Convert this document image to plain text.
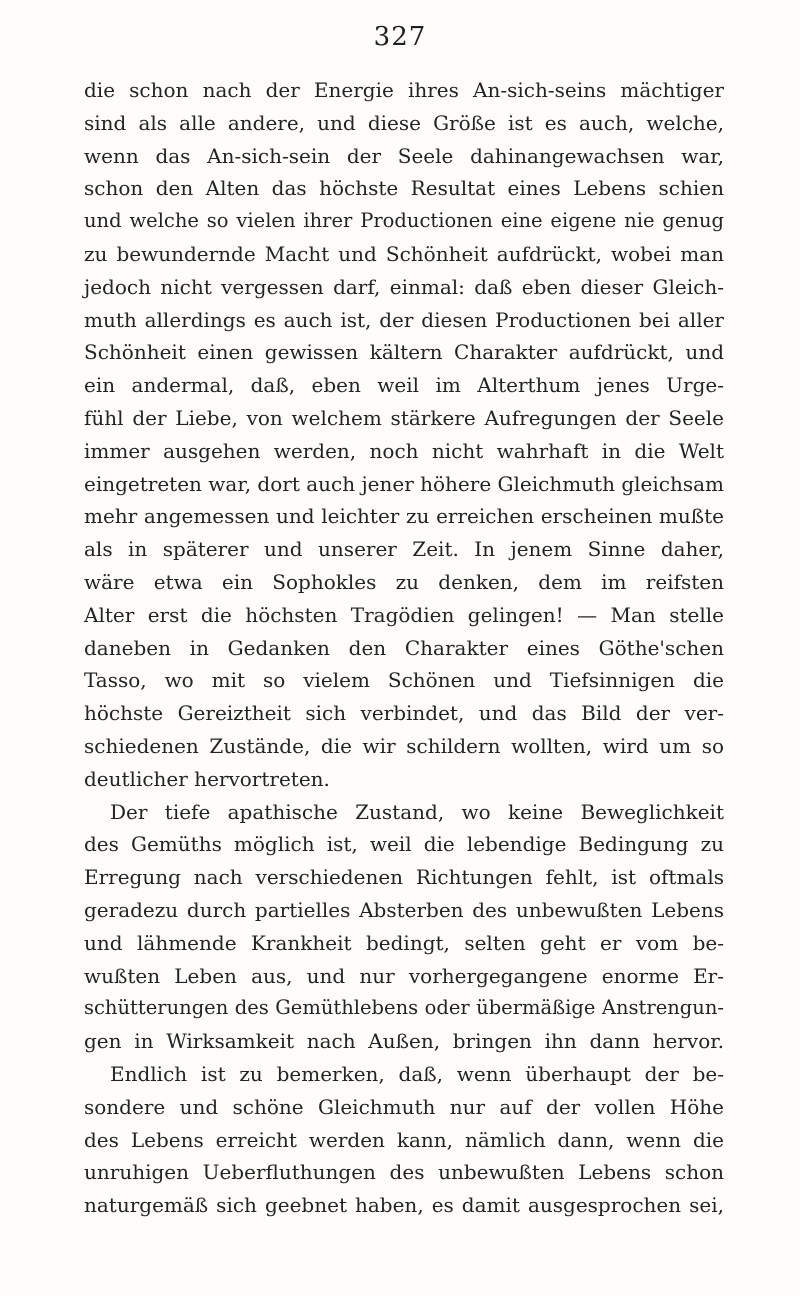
327
die schon nach der Energie ihres An-sich-seins mächtiger
sind als alle andere, und diese Größe ist es auch, welche,
wenn das An-sich-sein der Seele dahinangewachsen war,
schon den Alten das höchste Resultat eines Lebens schien
und welche so vielen ihrer Productionen eine eigene nie genug
zu bewundernde Macht und Schönheit aufdrückt, wobei man
jedoch nicht vergessen darf, einmal: daß eben dieser Gleich-
muth allerdings es auch ist, der diesen Productionen bei aller
Schönheit einen gewissen kältern Charakter aufdrückt, und
ein andermal, daß, eben weil im Alterthum jenes Urge-
fühl der Liebe, von welchem stärkere Aufregungen der Seele
immer ausgehen werden, noch nicht wahrhaft in die Welt
eingetreten war, dort auch jener höhere Gleichmuth gleichsam
mehr angemessen und leichter zu erreichen erscheinen mußte
als in späterer und unserer Zeit. In jenem Sinne daher,
wäre etwa ein Sophokles zu denken, dem im reifsten
Alter erst die höchsten Tragödien gelingen! — Man stelle
daneben in Gedanken den Charakter eines Göthe'schen
Tasso, wo mit so vielem Schönen und Tiefsinnigen die
höchste Gereiztheit sich verbindet, und das Bild der ver-
schiedenen Zustände, die wir schildern wollten, wird um so
deutlicher hervortreten.
Der tiefe apathische Zustand, wo keine Beweglichkeit
des Gemüths möglich ist, weil die lebendige Bedingung zu
Erregung nach verschiedenen Richtungen fehlt, ist oftmals
geradezu durch partielles Absterben des unbewußten Lebens
und lähmende Krankheit bedingt, selten geht er vom be-
wußten Leben aus, und nur vorhergegangene enorme Er-
schütterungen des Gemüthlebens oder übermäßige Anstrengun-
gen in Wirksamkeit nach Außen, bringen ihn dann hervor.
Endlich ist zu bemerken, daß, wenn überhaupt der be-
sondere und schöne Gleichmuth nur auf der vollen Höhe
des Lebens erreicht werden kann, nämlich dann, wenn die
unruhigen Ueberfluthungen des unbewußten Lebens schon
naturgemäß sich geebnet haben, es damit ausgesprochen sei,
